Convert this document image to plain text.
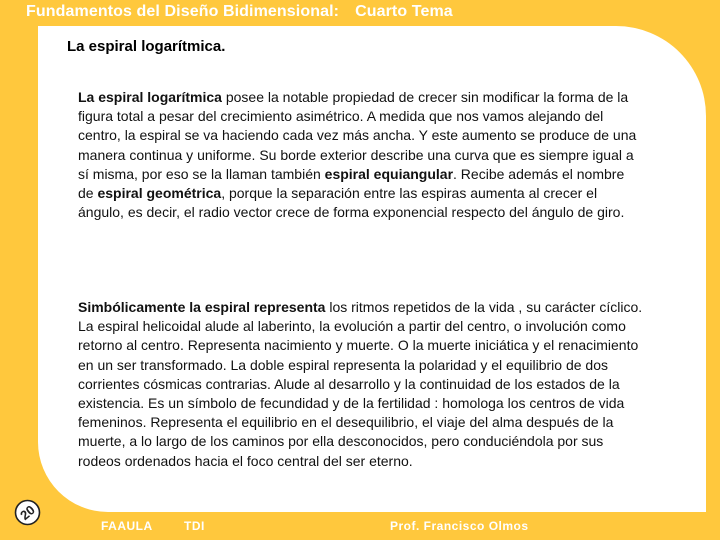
Fundamentos del Diseño Bidimensional: Cuarto Tema
La espiral logarítmica.

La espiral logarítmica posee la notable propiedad de crecer sin modificar la forma de la figura total a pesar del crecimiento asimétrico. A medida que nos vamos alejando del centro, la espiral se va haciendo cada vez más ancha. Y este aumento se produce de una manera continua y uniforme. Su borde exterior describe una curva que es siempre igual a sí misma, por eso se la llaman también espiral equiangular. Recibe además el nombre de espiral geométrica, porque la separación entre las espiras aumenta al crecer el ángulo, es decir, el radio vector crece de forma exponencial respecto del ángulo de giro.

Simbólicamente la espiral representa los ritmos repetidos de la vida , su carácter cíclico. La espiral helicoidal alude al laberinto, la evolución a partir del centro, o involución como retorno al centro. Representa nacimiento y muerte. O la muerte iniciática y el renacimiento en un ser transformado. La doble espiral representa la polaridad y el equilibrio de dos corrientes cósmicas contrarias. Alude al desarrollo y la continuidad de los estados de la existencia. Es un símbolo de fecundidad y de la fertilidad : homologa los centros de vida femeninos. Representa el equilibrio en el desequilibrio, el viaje del alma después de la muerte, a lo largo de los caminos por ella desconocidos, pero conduciéndola por sus rodeos ordenados hacia el foco central del ser eterno.

20
FAAULA	TDI	Prof. Francisco Olmos
